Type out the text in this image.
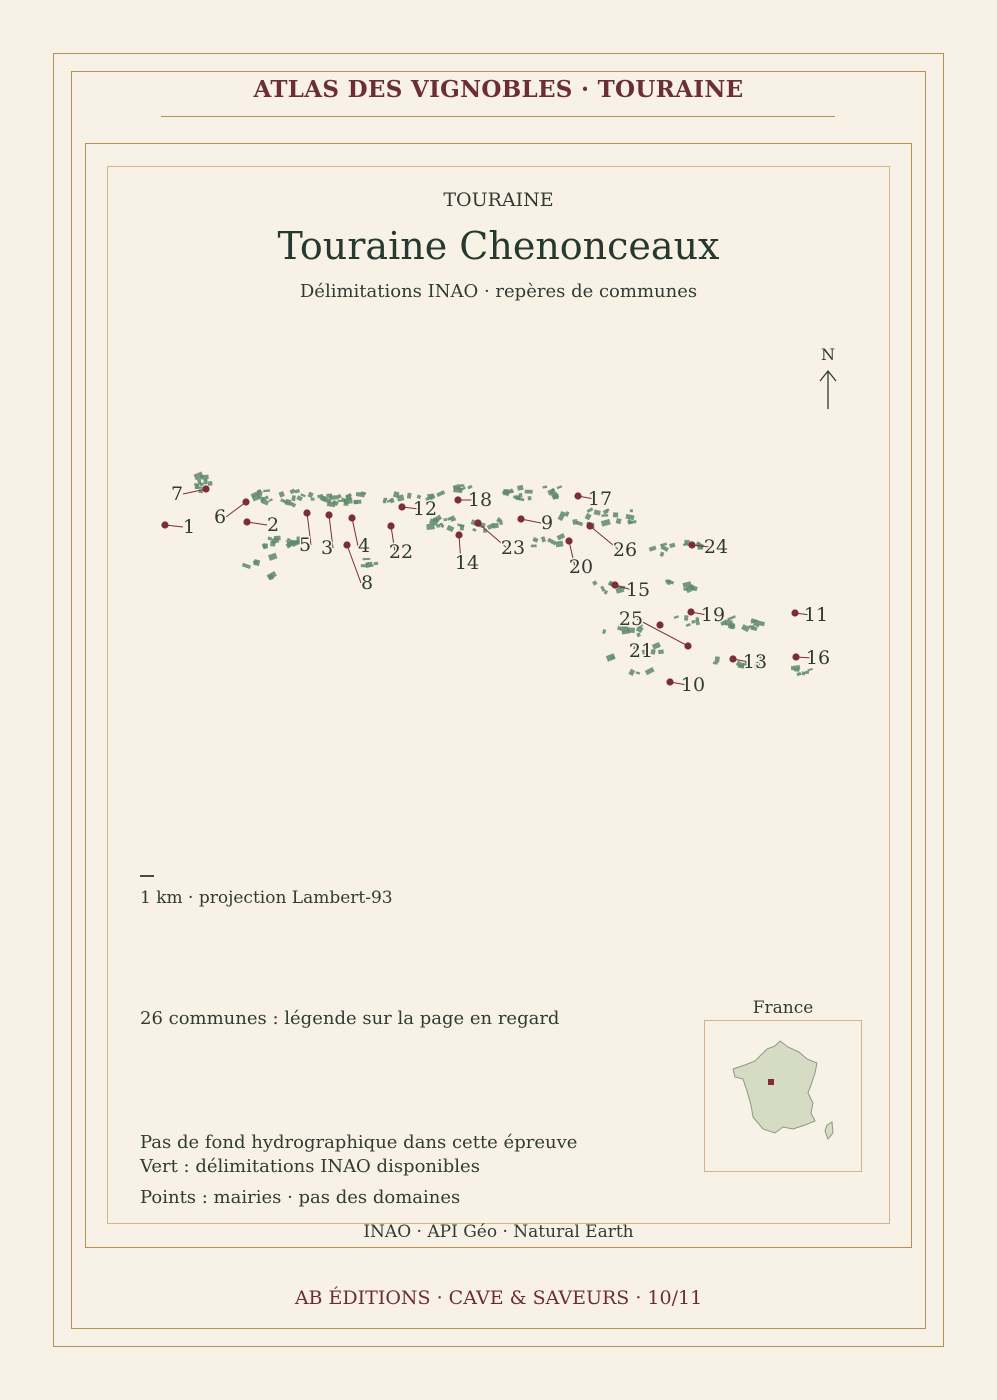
ATLAS DES VIGNOBLES · TOURAINE
TOURAINE
Touraine Chenonceaux
Délimitations INAO · repères de communes
1	2
3 4
5
6
7
8
9
10
11
12
13
14
15
16
17
18
19
20
21
22	23	24
25
26
N
1 km · projection Lambert-93
26 communes : légende sur la page en regard
Pas de fond hydrographique dans cette épreuve
Vert : délimitations INAO disponibles
Points : mairies · pas des domaines
INAO · API Géo · Natural Earth
France
AB ÉDITIONS · CAVE & SAVEURS · 10/11
